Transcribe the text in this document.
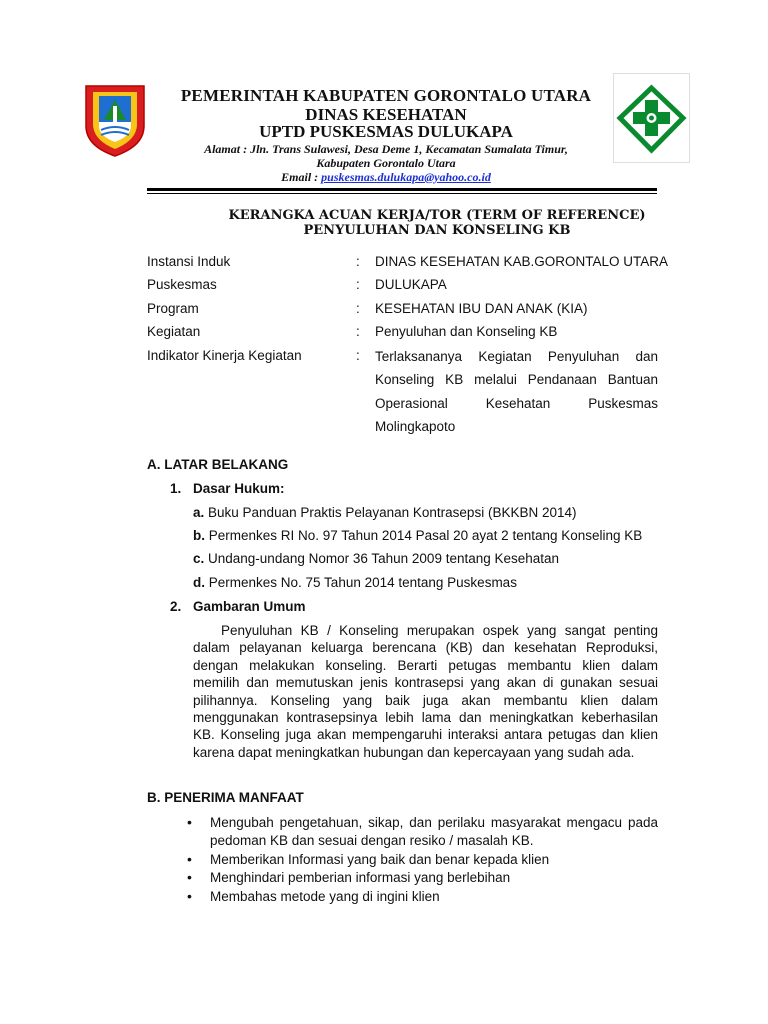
PEMERINTAH KABUPATEN GORONTALO UTARA
DINAS KESEHATAN
UPTD PUSKESMAS DULUKAPA
Alamat : Jln. Trans Sulawesi, Desa Deme 1, Kecamatan Sumalata Timur,
Kabupaten Gorontalo Utara
Email : puskesmas.dulukapa@yahoo.co.id
KERANGKA ACUAN KERJA/TOR (TERM OF REFERENCE)
PENYULUHAN DAN KONSELING KB
Instansi Induk	: DINAS KESEHATAN KAB.GORONTALO UTARA
Puskesmas	: DULUKAPA
Program	: KESEHATAN IBU DAN ANAK (KIA)
Kegiatan	: Penyuluhan dan Konseling KB
Indikator Kinerja Kegiatan	: Terlaksananya Kegiatan Penyuluhan dan
Konseling KB melalui Pendanaan Bantuan
Operasional Kesehatan Puskesmas
Molingkapoto
A. LATAR BELAKANG
1. Dasar Hukum:
a. Buku Panduan Praktis Pelayanan Kontrasepsi (BKKBN 2014)
b. Permenkes RI No. 97 Tahun 2014 Pasal 20 ayat 2 tentang Konseling KB
c. Undang-undang Nomor 36 Tahun 2009 tentang Kesehatan
d. Permenkes No. 75 Tahun 2014 tentang Puskesmas
2. Gambaran Umum

Penyuluhan KB / Konseling merupakan ospek yang sangat penting

dalam pelayanan keluarga berencana (KB) dan kesehatan Reproduksi,

dengan melakukan konseling. Berarti petugas membantu klien dalam

memilih dan memutuskan jenis kontrasepsi yang akan di gunakan sesuai

pilihannya. Konseling yang baik juga akan membantu klien dalam

menggunakan kontrasepsinya lebih lama dan meningkatkan keberhasilan

KB. Konseling juga akan mempengaruhi interaksi antara petugas dan klien

karena dapat meningkatkan hubungan dan kepercayaan yang sudah ada.

B. PENERIMA MANFAAT
• Mengubah pengetahuan, sikap, dan perilaku masyarakat mengacu pada
pedoman KB dan sesuai dengan resiko / masalah KB.
• Memberikan Informasi yang baik dan benar kepada klien
• Menghindari pemberian informasi yang berlebihan
• Membahas metode yang di ingini klien
